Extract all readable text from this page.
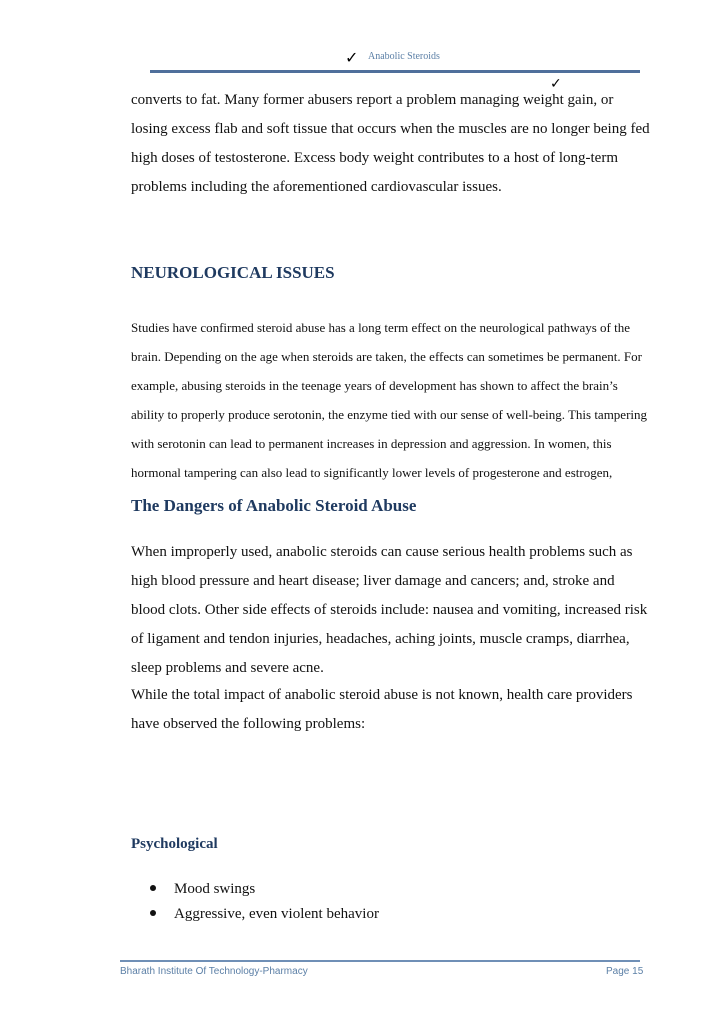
✓ Anabolic Steroids
✓

converts to fat. Many former abusers report a problem managing weight gain, or losing excess flab and soft tissue that occurs when the muscles are no longer being fed high doses of testosterone. Excess body weight contributes to a host of long-term problems including the aforementioned cardiovascular issues.

NEUROLOGICAL ISSUES

Studies have confirmed steroid abuse has a long term effect on the neurological pathways of the brain. Depending on the age when steroids are taken, the effects can sometimes be permanent. For example, abusing steroids in the teenage years of development has shown to affect the brain’s ability to properly produce serotonin, the enzyme tied with our sense of well-being. This tampering with serotonin can lead to permanent increases in depression and aggression. In women, this hormonal tampering can also lead to significantly lower levels of progesterone and estrogen,

The Dangers of Anabolic Steroid Abuse

When improperly used, anabolic steroids can cause serious health problems such as high blood pressure and heart disease; liver damage and cancers; and, stroke and blood clots. Other side effects of steroids include: nausea and vomiting, increased risk of ligament and tendon injuries, headaches, aching joints, muscle cramps, diarrhea, sleep problems and severe acne.

While the total impact of anabolic steroid abuse is not known, health care providers have observed the following problems:

Psychological

Mood swings
Aggressive, even violent behavior
Bharath Institute Of Technology-Pharmacy	Page 15
